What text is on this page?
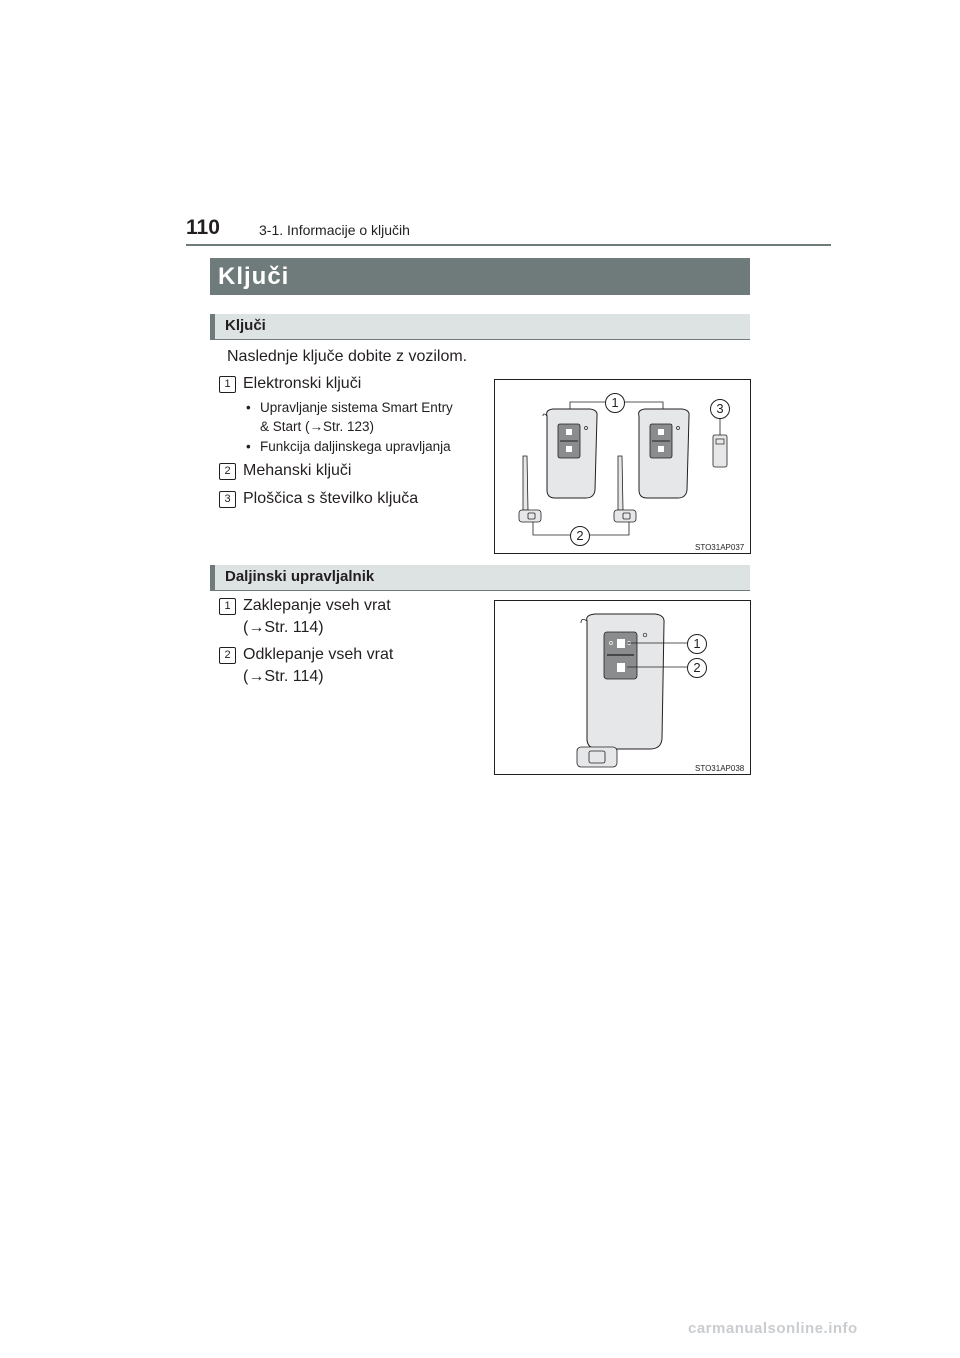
110	3-1. Informacije o ključih
Ključi
Ključi
Naslednje ključe dobite z vozilom.
1 Elektronski ključi
• Upravljanje sistema Smart Entry
& Start (→Str. 123)
• Funkcija daljinskega upravljanja
2 Mehanski ključi
3 Ploščica s številko ključa
1
2
3
STO31AP037
Daljinski upravljalnik
1 Zaklepanje vseh vrat
(→Str. 114)
2 Odklepanje vseh vrat
(→Str. 114)
1
2
STO31AP038
carmanualsonline.info
